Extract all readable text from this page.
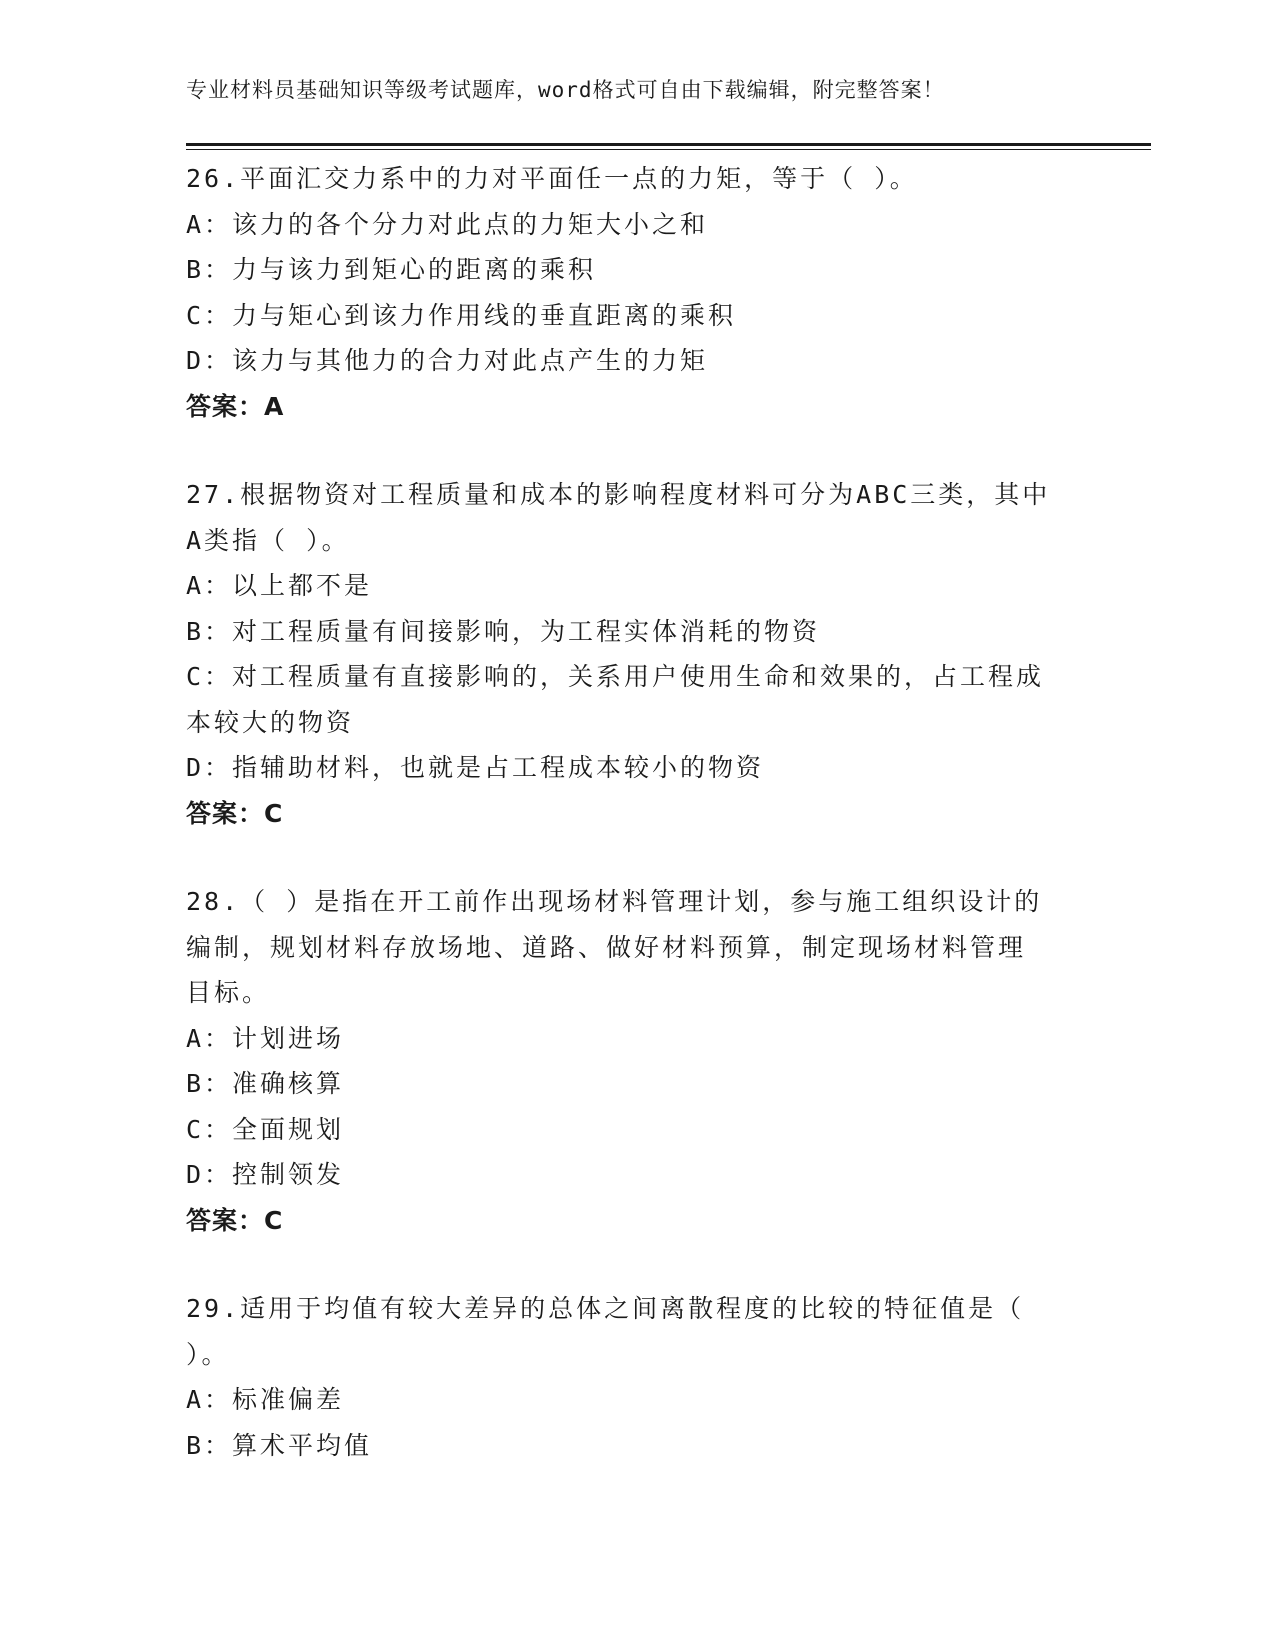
专业材料员基础知识等级考试题库，word格式可自由下载编辑，附完整答案！
26.平面汇交力系中的力对平面任一点的力矩，等于（ ）。
A：该力的各个分力对此点的力矩大小之和
B：力与该力到矩心的距离的乘积
C：力与矩心到该力作用线的垂直距离的乘积
D：该力与其他力的合力对此点产生的力矩
答案：A
27.根据物资对工程质量和成本的影响程度材料可分为ABC三类，其中
A类指（ ）。
A：以上都不是
B：对工程质量有间接影响，为工程实体消耗的物资
C：对工程质量有直接影响的，关系用户使用生命和效果的，占工程成
本较大的物资
D：指辅助材料，也就是占工程成本较小的物资
答案：C
28.（ ）是指在开工前作出现场材料管理计划，参与施工组织设计的
编制，规划材料存放场地、道路、做好材料预算，制定现场材料管理
目标。
A：计划进场
B：准确核算
C：全面规划
D：控制领发
答案：C
29.适用于均值有较大差异的总体之间离散程度的比较的特征值是（
）。
A：标准偏差
B：算术平均值
